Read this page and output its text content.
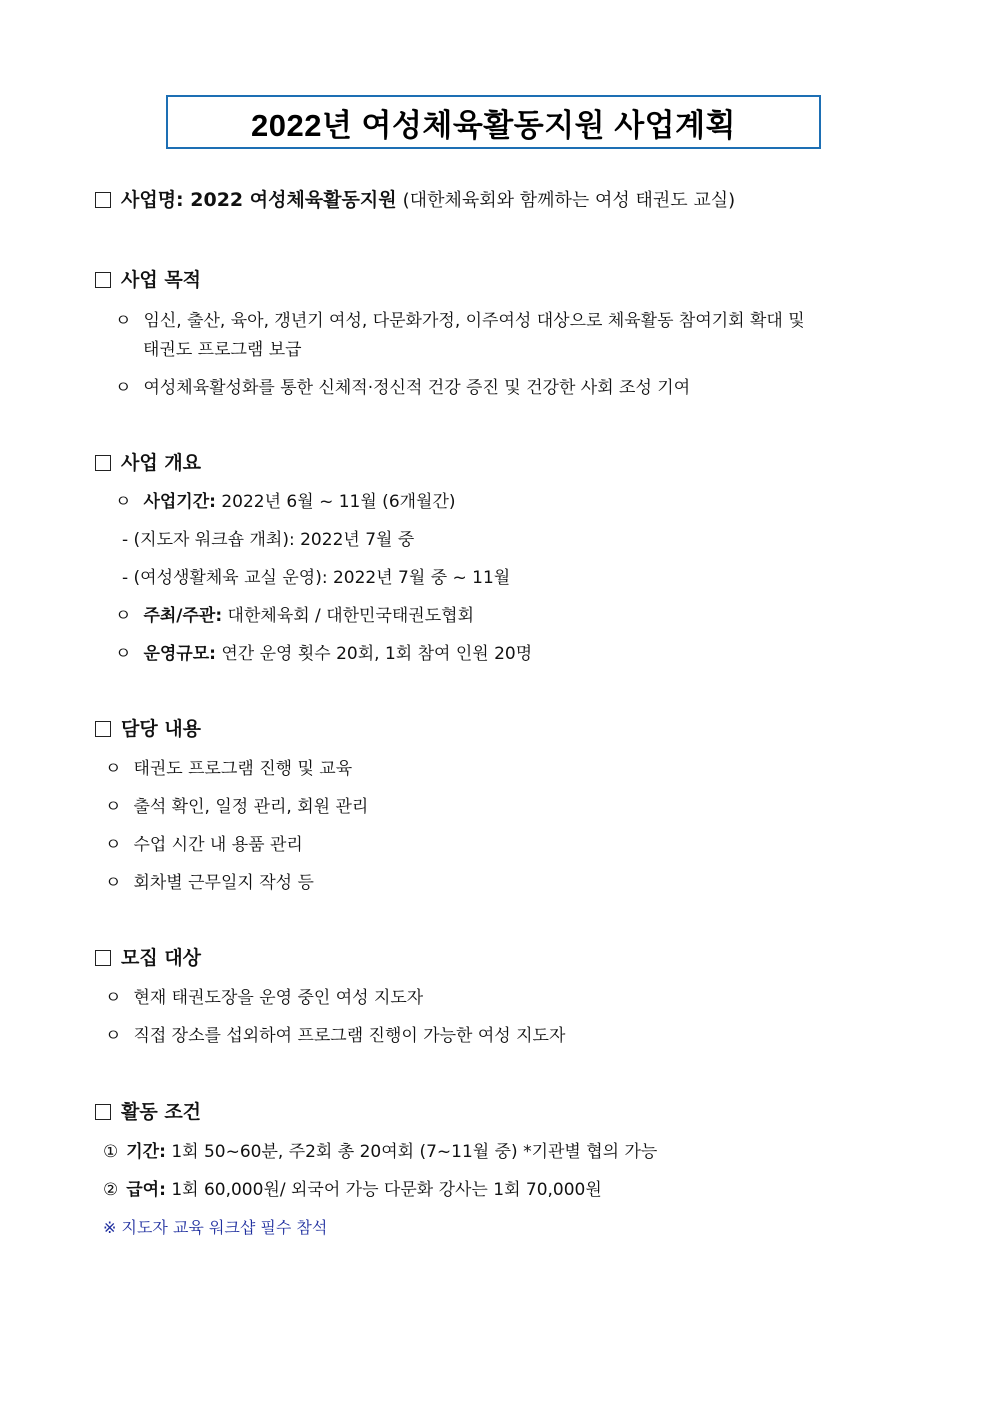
2022년 여성체육활동지원 사업계획
사업명: 2022 여성체육활동지원 (대한체육회와 함께하는 여성 태권도 교실)
사업 목적
ㅇ 임신, 출산, 육아, 갱년기 여성, 다문화가정, 이주여성 대상으로 체육활동 참여기회 확대 및
태권도 프로그램 보급
ㅇ 여성체육활성화를 통한 신체적·정신적 건강 증진 및 건강한 사회 조성 기여
사업 개요
ㅇ 사업기간: 2022년 6월 ~ 11월 (6개월간)
- (지도자 워크숍 개최): 2022년 7월 중
- (여성생활체육 교실 운영): 2022년 7월 중 ~ 11월
ㅇ 주최/주관: 대한체육회 / 대한민국태권도협회
ㅇ 운영규모: 연간 운영 횟수 20회, 1회 참여 인원 20명
담당 내용
ㅇ 태권도 프로그램 진행 및 교육
ㅇ 출석 확인, 일정 관리, 회원 관리
ㅇ 수업 시간 내 용품 관리
ㅇ 회차별 근무일지 작성 등
모집 대상
ㅇ 현재 태권도장을 운영 중인 여성 지도자
ㅇ 직접 장소를 섭외하여 프로그램 진행이 가능한 여성 지도자
활동 조건
① 기간: 1회 50~60분, 주2회 총 20여회 (7~11월 중) *기관별 협의 가능
② 급여: 1회 60,000원/ 외국어 가능 다문화 강사는 1회 70,000원
※ 지도자 교육 워크샵 필수 참석
